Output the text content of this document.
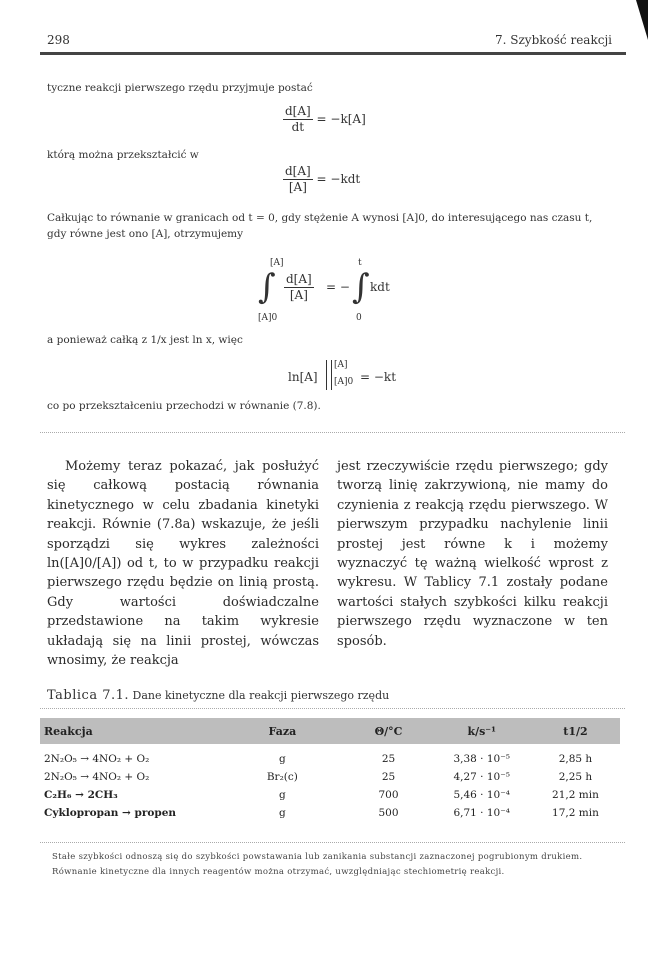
298	7. Szybkość reakcji
tyczne reakcji pierwszego rzędu przyjmuje postać
$\frac{d[A]}{dt} = -k[A]$
którą można przekształcić w
$\frac{d[A]}{[A]} = -kdt$
Całkując to równanie w granicach od t = 0, gdy stężenie A wynosi [A]0, do interesującego nas czasu t, gdy równe jest ono [A], otrzymujemy
[A]
∫
[A]0
$\frac{d[A]}{[A]}$ = −
t
∫
0
kdt
a ponieważ całką z 1/x jest ln x, więc
ln[A]
[A]
[A]0 = −kt
co po przekształceniu przechodzi w równanie (7.8).

Możemy teraz pokazać, jak posłużyć się całkową postacią równania kinetycznego w celu zbadania kinetyki reakcji. Równie (7.8a) wskazuje, że jeśli sporządzi się wykres zależności ln([A]0/[A]) od t, to w przypadku reakcji pierwszego rzędu będzie on linią prostą. Gdy wartości doświadczalne przedstawione na takim wykresie układają się na linii prostej, wówczas wnosimy, że reakcja

jest rzeczywiście rzędu pierwszego; gdy tworzą linię zakrzywioną, nie mamy do czynienia z reakcją rzędu pierwszego. W pierwszym przypadku nachylenie linii prostej jest równe k i możemy wyznaczyć tę ważną wielkość wprost z wykresu. W Tablicy 7.1 zostały podane wartości stałych szybkości kilku reakcji pierwszego rzędu wyznaczone w ten sposób.

Tablica 7.1. Dane kinetyczne dla reakcji pierwszego rzędu
Reakcja	Faza	Θ/°C	k/s⁻¹	t1/2

2N₂O₅ → 4NO₂ + O₂	g	25	3,38 · 10⁻⁵	2,85 h
2N₂O₅ → 4NO₂ + O₂	Br₂(c)	25	4,27 · 10⁻⁵	2,25 h
C₂H₆ → 2CH₃	g	700	5,46 · 10⁻⁴	21,2 min
Cyklopropan → propen	g	500	6,71 · 10⁻⁴	17,2 min
Stałe szybkości odnoszą się do szybkości powstawania lub zanikania substancji zaznaczonej pogrubionym drukiem. Równanie kinetyczne dla innych reagentów można otrzymać, uwzględniając stechiometrię reakcji.
